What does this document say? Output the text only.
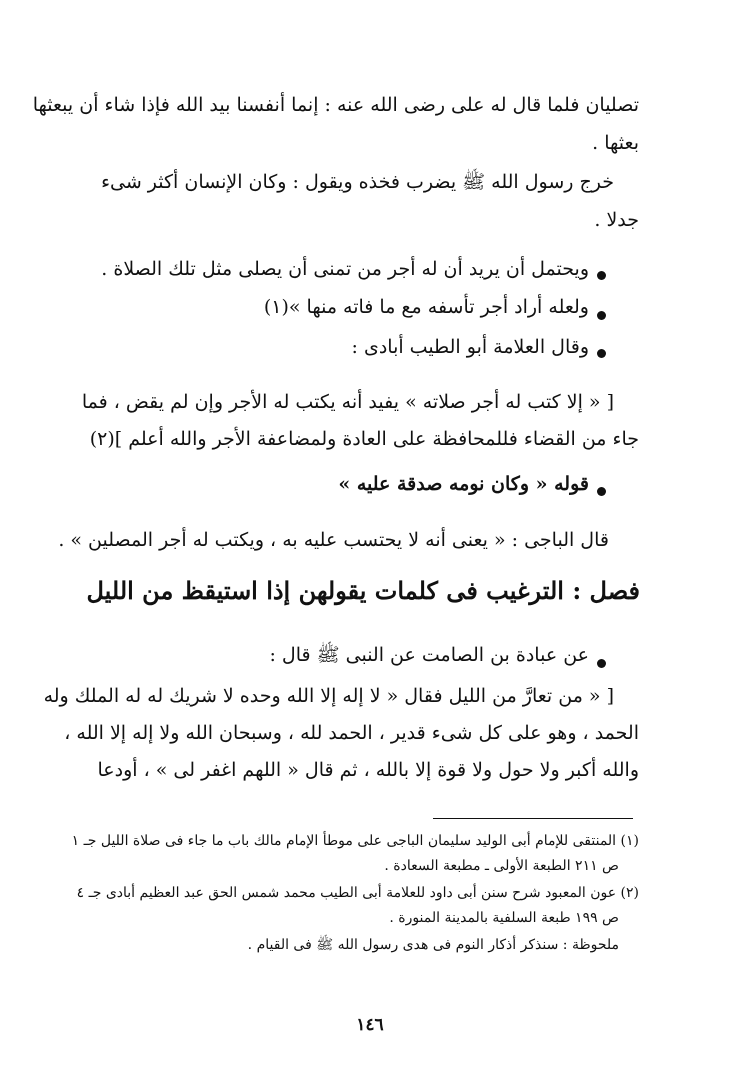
تصليان فلما قال له على رضى الله عنه : إنما أنفسنا بيد الله فإذا شاء أن يبعثها
بعثها .
خرج رسول الله ﷺ يضرب فخذه ويقول : وكان الإنسان أكثر شىء
جدلا .
ويحتمل أن يريد أن له أجر من تمنى أن يصلى مثل تلك الصلاة .
ولعله أراد أجر تأسفه مع ما فاته منها »(١)
وقال العلامة أبو الطيب أبادى :
[ « إلا كتب له أجر صلاته » يفيد أنه يكتب له الأجر وإن لم يقض ، فما
جاء من القضاء فللمحافظة على العادة ولمضاعفة الأجر والله أعلم ](٢)
قوله « وكان نومه صدقة عليه »
قال الباجى : « يعنى أنه لا يحتسب عليه به ، ويكتب له أجر المصلين » .
فصل : الترغيب فى كلمات يقولهن إذا استيقظ من الليل
عن عبادة بن الصامت عن النبى ﷺ قال :
[ « من تعارَّ من الليل فقال « لا إله إلا الله وحده لا شريك له له الملك وله
الحمد ، وهو على كل شىء قدير ، الحمد لله ، وسبحان الله ولا إله إلا الله ،
والله أكبر ولا حول ولا قوة إلا بالله ، ثم قال « اللهم اغفر لى » ، أودعا
(١) المنتقى للإمام أبى الوليد سليمان الباجى على موطأ الإمام مالك باب ما جاء فى صلاة الليل جـ ١
ص ٢١١ الطبعة الأولى ـ مطبعة السعادة .
(٢) عون المعبود شرح سنن أبى داود للعلامة أبى الطيب محمد شمس الحق عبد العظيم أبادى جـ ٤
ص ١٩٩ طبعة السلفية بالمدينة المنورة .
ملحوظة : سنذكر أذكار النوم فى هدى رسول الله ﷺ فى القيام .
١٤٦
